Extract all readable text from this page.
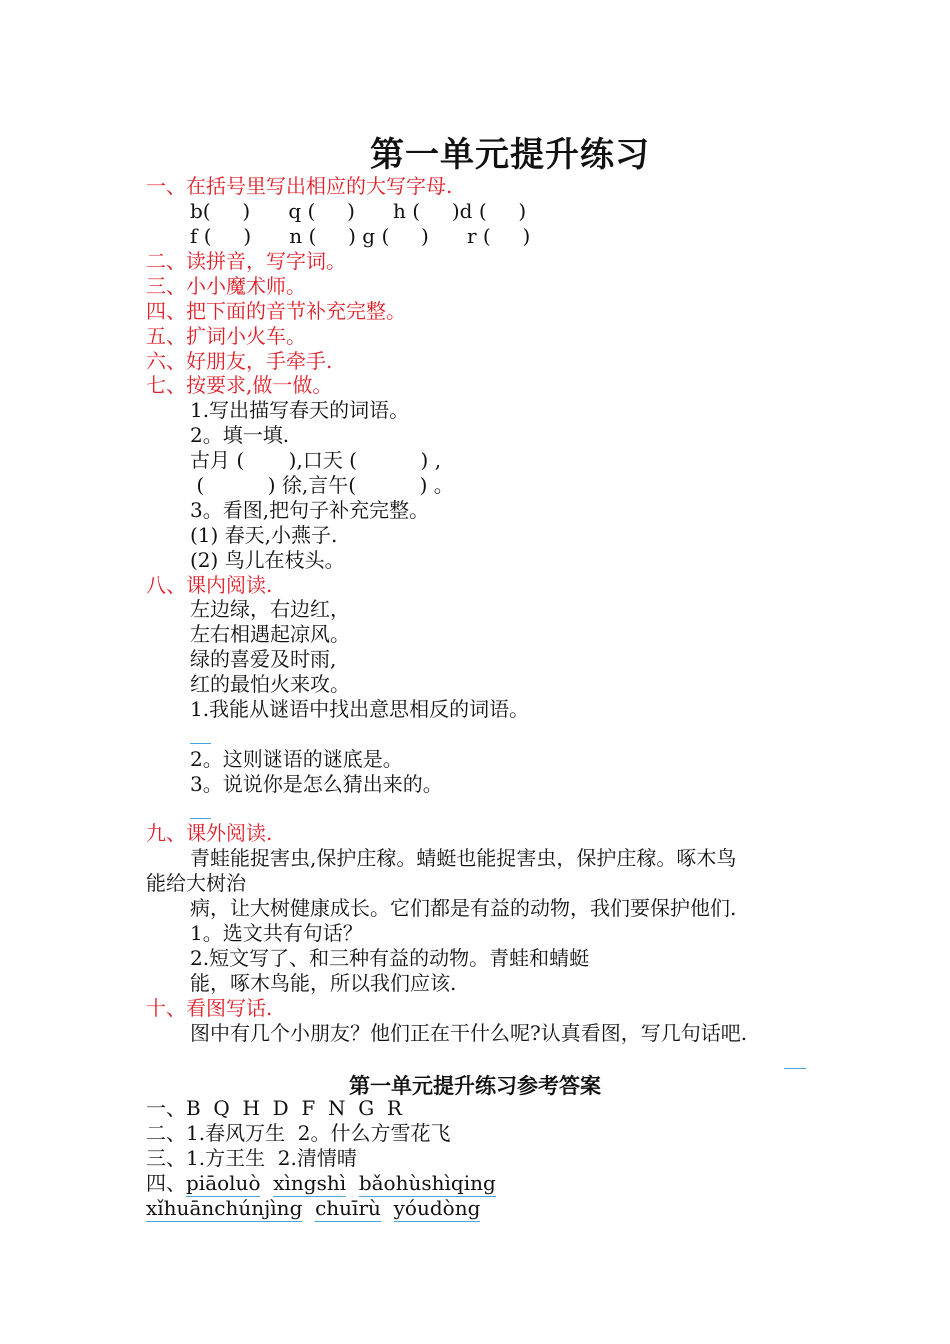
第一单元提升练习
一、在括号里写出相应的大写字母.
b(     )      q (     )      h (     )d (     )
f (     )      n (     ) g (     )      r (     )
二、读拼音，写字词。
三、小小魔术师。
四、把下面的音节补充完整。
五、扩词小火车。
六、好朋友，手牵手.
七、按要求,做一做。
1.写出描写春天的词语。
2。填一填.
古月 (       ),口天 (          ) ,
(          ) 徐,言午(          ) 。
3。看图,把句子补充完整。
(1) 春天,小燕子.
(2) 鸟儿在枝头。
八、课内阅读.
左边绿，右边红，
左右相遇起凉风。
绿的喜爱及时雨,
红的最怕火来攻。
1.我能从谜语中找出意思相反的词语。
2。这则谜语的谜底是。
3。说说你是怎么猜出来的。
九、课外阅读.
青蛙能捉害虫,保护庄稼。蜻蜓也能捉害虫，保护庄稼。啄木鸟
能给大树治
病，让大树健康成长。它们都是有益的动物，我们要保护他们.
1。选文共有句话？
2.短文写了、和三种有益的动物。青蛙和蜻蜓
能，啄木鸟能，所以我们应该.
十、看图写话.
图中有几个小朋友？他们正在干什么呢?认真看图，写几句话吧.
第一单元提升练习参考答案
一、B  Q  H  D  F  N  G  R
二、1.春风万生  2。什么方雪花飞
三、1.方王生  2.清情晴
四、piāoluò xìngshì bǎohùshìqing
xǐhuānchúnjìng chuīrù yóudòng
